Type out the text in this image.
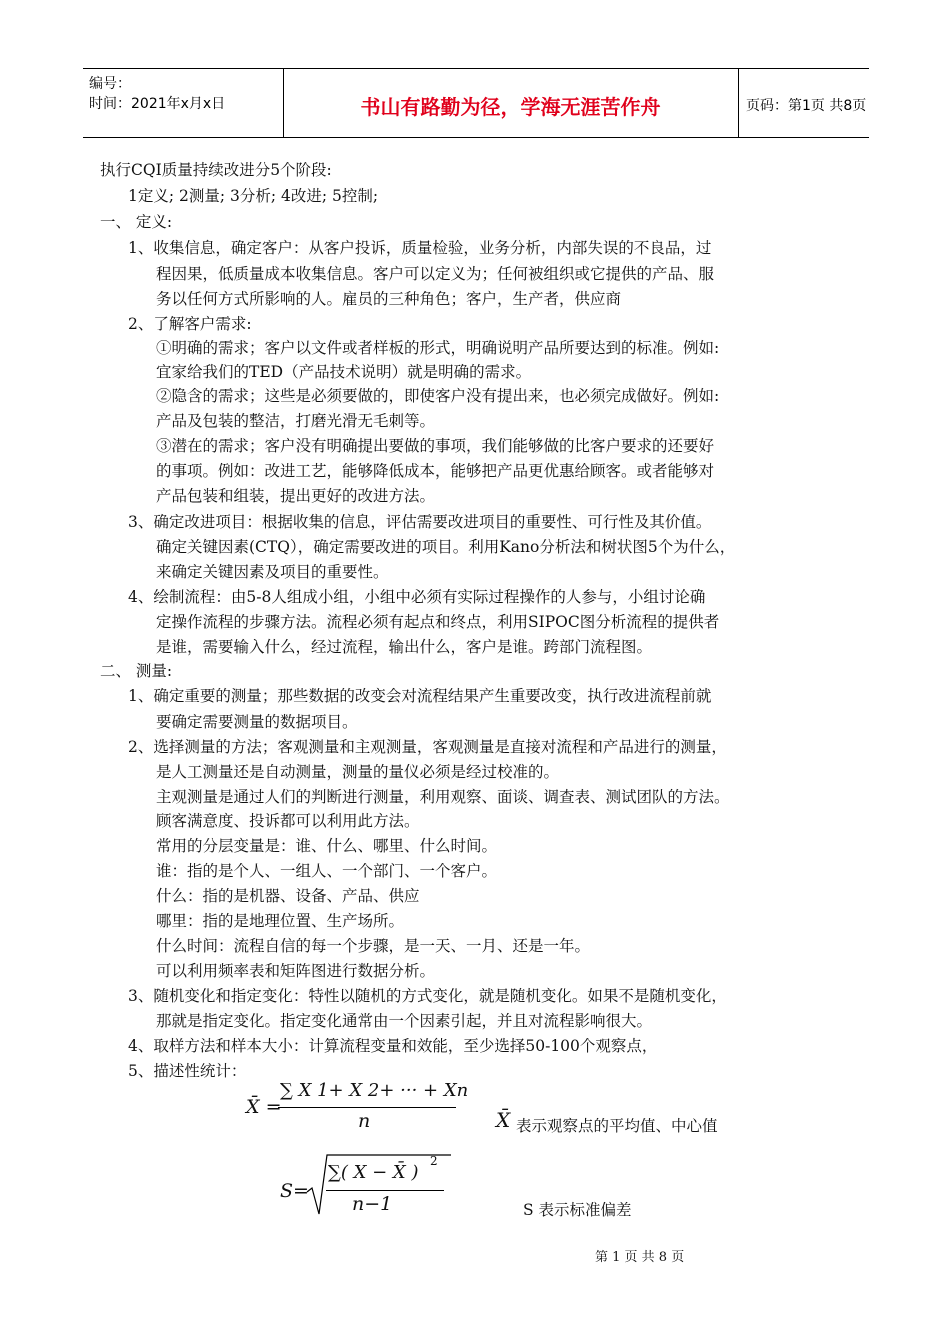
编号：
时间：2021年x月x日	书山有路勤为径，学海无涯苦作舟	页码：第1页 共8页
执行CQI质量持续改进分5个阶段:
1定义; 2测量; 3分析; 4改进; 5控制;
一、 定义:
1、收集信息，确定客户：从客户投诉，质量检验，业务分析，内部失误的不良品，过
程因果，低质量成本收集信息。客户可以定义为；任何被组织或它提供的产品、服
务以任何方式所影响的人。雇员的三种角色；客户，生产者，供应商
2、了解客户需求:
①明确的需求；客户以文件或者样板的形式，明确说明产品所要达到的标准。例如:
宜家给我们的TED（产品技术说明）就是明确的需求。
②隐含的需求；这些是必须要做的，即使客户没有提出来，也必须完成做好。例如:
产品及包装的整洁，打磨光滑无毛刺等。
③潜在的需求；客户没有明确提出要做的事项，我们能够做的比客户要求的还要好
的事项。例如：改进工艺，能够降低成本，能够把产品更优惠给顾客。或者能够对
产品包装和组装，提出更好的改进方法。
3、确定改进项目：根据收集的信息，评估需要改进项目的重要性、可行性及其价值。
确定关键因素(CTQ），确定需要改进的项目。利用Kano分析法和树状图5个为什么，
来确定关键因素及项目的重要性。
4、绘制流程：由5-8人组成小组，小组中必须有实际过程操作的人参与，小组讨论确
定操作流程的步骤方法。流程必须有起点和终点，利用SIPOC图分析流程的提供者
是谁，需要输入什么，经过流程，输出什么，客户是谁。跨部门流程图。
二、 测量:
1、确定重要的测量；那些数据的改变会对流程结果产生重要改变，执行改进流程前就
要确定需要测量的数据项目。
2、选择测量的方法；客观测量和主观测量，客观测量是直接对流程和产品进行的测量，
是人工测量还是自动测量，测量的量仪必须是经过校准的。
主观测量是通过人们的判断进行测量，利用观察、面谈、调查表、测试团队的方法。
顾客满意度、投诉都可以利用此方法。
常用的分层变量是：谁、什么、哪里、什么时间。
谁：指的是个人、一组人、一个部门、一个客户。
什么：指的是机器、设备、产品、供应
哪里：指的是地理位置、生产场所。
什么时间：流程自信的每一个步骤，是一天、一月、还是一年。
可以利用频率表和矩阵图进行数据分析。
3、随机变化和指定变化：特性以随机的方式变化，就是随机变化。如果不是随机变化，
那就是指定变化。指定变化通常由一个因素引起，并且对流程影响很大。
4、取样方法和样本大小：计算流程变量和效能，至少选择50-100个观察点，
5、描述性统计：
X̄ =
∑ X 1+ X 2+ ··· + Xn
n	X̄ 表示观察点的平均值、中心值
S=
∑( X − X̄ )
2
n−1	S 表示标准偏差
第 1 页 共 8 页
